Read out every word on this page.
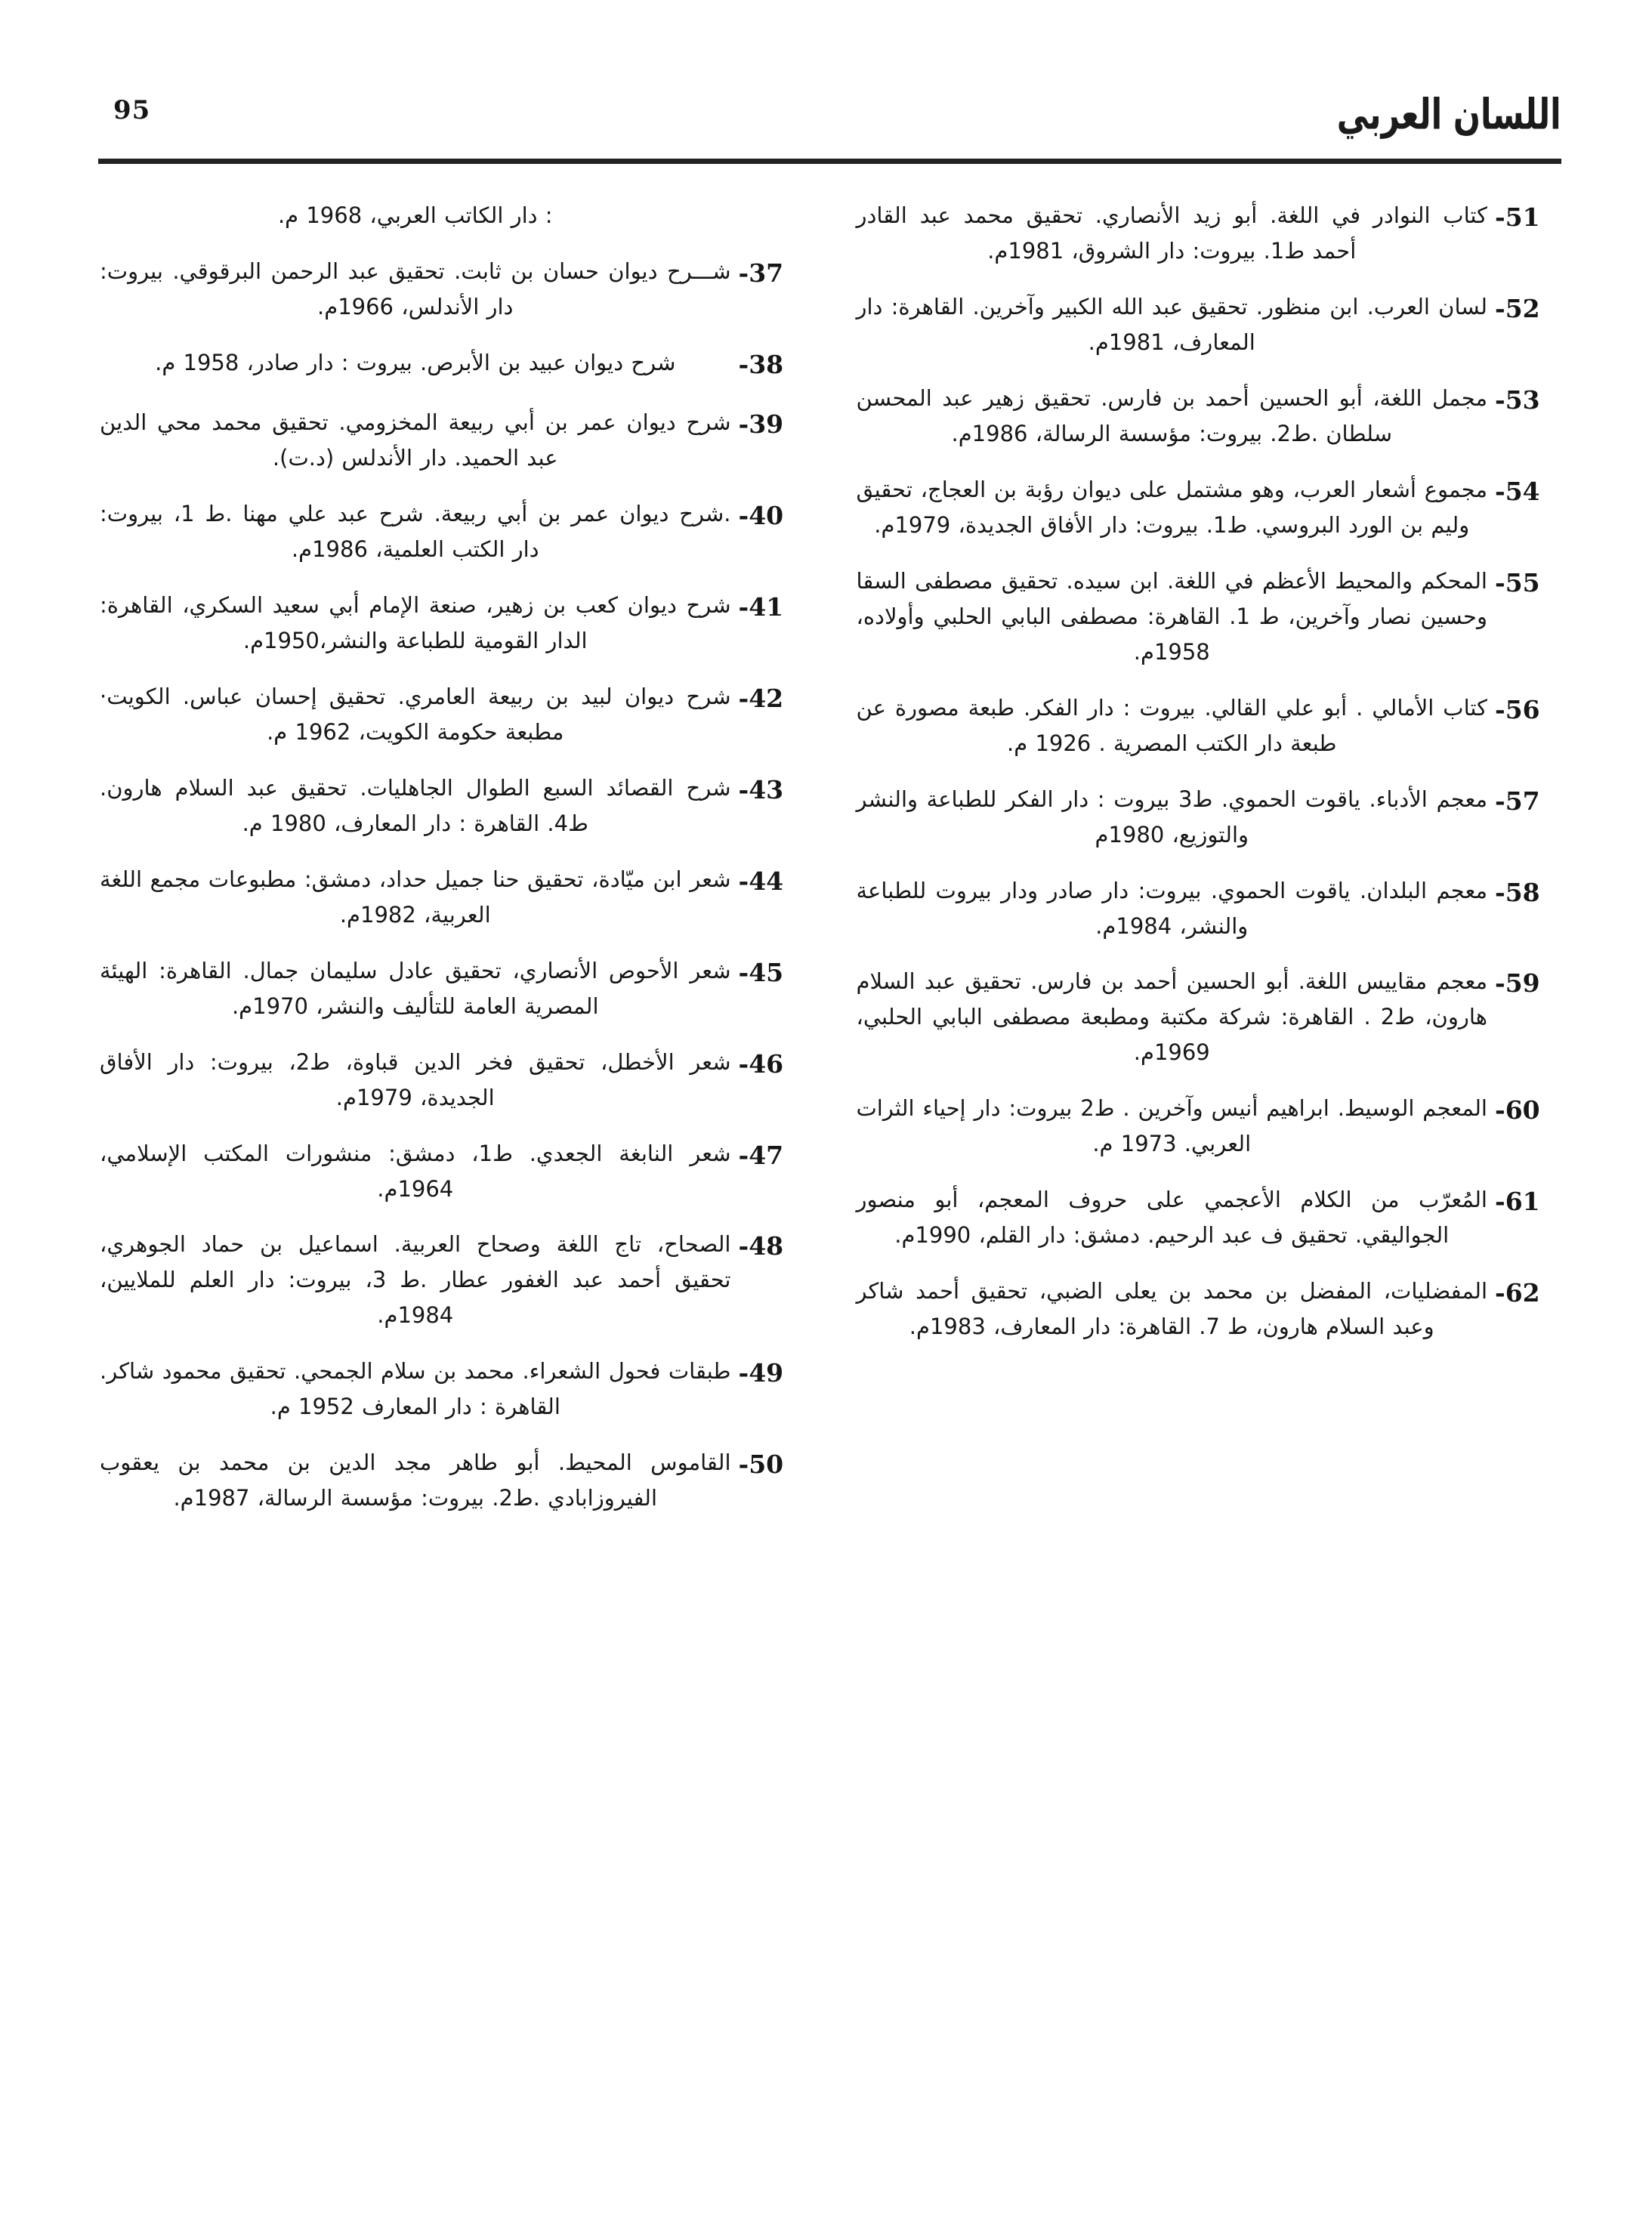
95	اللسان العربي
: دار الكاتب العربي، 1968 م.
-37
شـــرح ديوان حسان بن ثابت. تحقيق عبد الرحمن البرقوقي. بيروت: دار الأندلس، 1966م.
-38
شرح ديوان عبيد بن الأبرص. بيروت : دار صادر، 1958 م.
-39
شرح ديوان عمر بن أبي ربيعة المخزومي. تحقيق محمد محي الدين عبد الحميد. دار الأندلس (د.ت).
-40
.شرح ديوان عمر بن أبي ربيعة. شرح عبد علي مهنا .ط 1، بيروت: دار الكتب العلمية، 1986م.
-41
شرح ديوان كعب بن زهير، صنعة الإمام أبي سعيد السكري، القاهرة: الدار القومية للطباعة والنشر،1950م.
-42
شرح ديوان لبيد بن ربيعة العامري. تحقيق إحسان عباس. الكويت· مطبعة حكومة الكويت، 1962 م.
-43
شرح القصائد السبع الطوال الجاهليات. تحقيق عبد السلام هارون. ط4. القاهرة : دار المعارف، 1980 م.
-44
شعر ابن ميّادة، تحقيق حنا جميل حداد، دمشق: مطبوعات مجمع اللغة العربية، 1982م.
-45
شعر الأحوص الأنصاري، تحقيق عادل سليمان جمال. القاهرة: الهيئة المصرية العامة للتأليف والنشر، 1970م.
-46
شعر الأخطل، تحقيق فخر الدين قباوة، ط2، بيروت: دار الأفاق الجديدة، 1979م.
-47
شعر النابغة الجعدي. ط1، دمشق: منشورات المكتب الإسلامي، 1964م.
-48
الصحاح، تاج اللغة وصحاح العربية. اسماعيل بن حماد الجوهري، تحقيق أحمد عبد الغفور عطار .ط 3، بيروت: دار العلم للملايين، 1984م.
-49
طبقات فحول الشعراء. محمد بن سلام الجمحي. تحقيق محمود شاكر. القاهرة : دار المعارف 1952 م.
-50
القاموس المحيط. أبو طاهر مجد الدين بن محمد بن يعقوب الفيروزابادي .ط2. بيروت: مؤسسة الرسالة، 1987م.
-51
كتاب النوادر في اللغة. أبو زيد الأنصاري. تحقيق محمد عبد القادر أحمد ط1. بيروت: دار الشروق، 1981م.
-52
لسان العرب. ابن منظور. تحقيق عبد الله الكبير وآخرين. القاهرة: دار المعارف، 1981م.
-53
مجمل اللغة، أبو الحسين أحمد بن فارس. تحقيق زهير عبد المحسن سلطان .ط2. بيروت: مؤسسة الرسالة، 1986م.
-54
مجموع أشعار العرب، وهو مشتمل على ديوان رؤبة بن العجاج، تحقيق وليم بن الورد البروسي. ط1. بيروت: دار الأفاق الجديدة، 1979م.
-55
المحكم والمحيط الأعظم في اللغة. ابن سيده. تحقيق مصطفى السقا وحسين نصار وآخرين، ط 1. القاهرة: مصطفى البابي الحلبي وأولاده، 1958م.
-56
كتاب الأمالي . أبو علي القالي. بيروت : دار الفكر. طبعة مصورة عن طبعة دار الكتب المصرية . 1926 م.
-57
معجم الأدباء. ياقوت الحموي. ط3 بيروت : دار الفكر للطباعة والنشر والتوزيع، 1980م
-58
معجم البلدان. ياقوت الحموي. بيروت: دار صادر ودار بيروت للطباعة والنشر، 1984م.
-59
معجم مقاييس اللغة. أبو الحسين أحمد بن فارس. تحقيق عبد السلام هارون، ط2 . القاهرة: شركة مكتبة ومطبعة مصطفى البابي الحلبي، 1969م.
-60
المعجم الوسيط. ابراهيم أنيس وآخرين . ط2 بيروت: دار إحياء الثرات العربي. 1973 م.
-61
المُعرّب من الكلام الأعجمي على حروف المعجم، أبو منصور الجواليقي. تحقيق ف عبد الرحيم. دمشق: دار القلم، 1990م.
-62
المفضليات، المفضل بن محمد بن يعلى الضبي، تحقيق أحمد شاكر وعبد السلام هارون، ط 7. القاهرة: دار المعارف، 1983م.
